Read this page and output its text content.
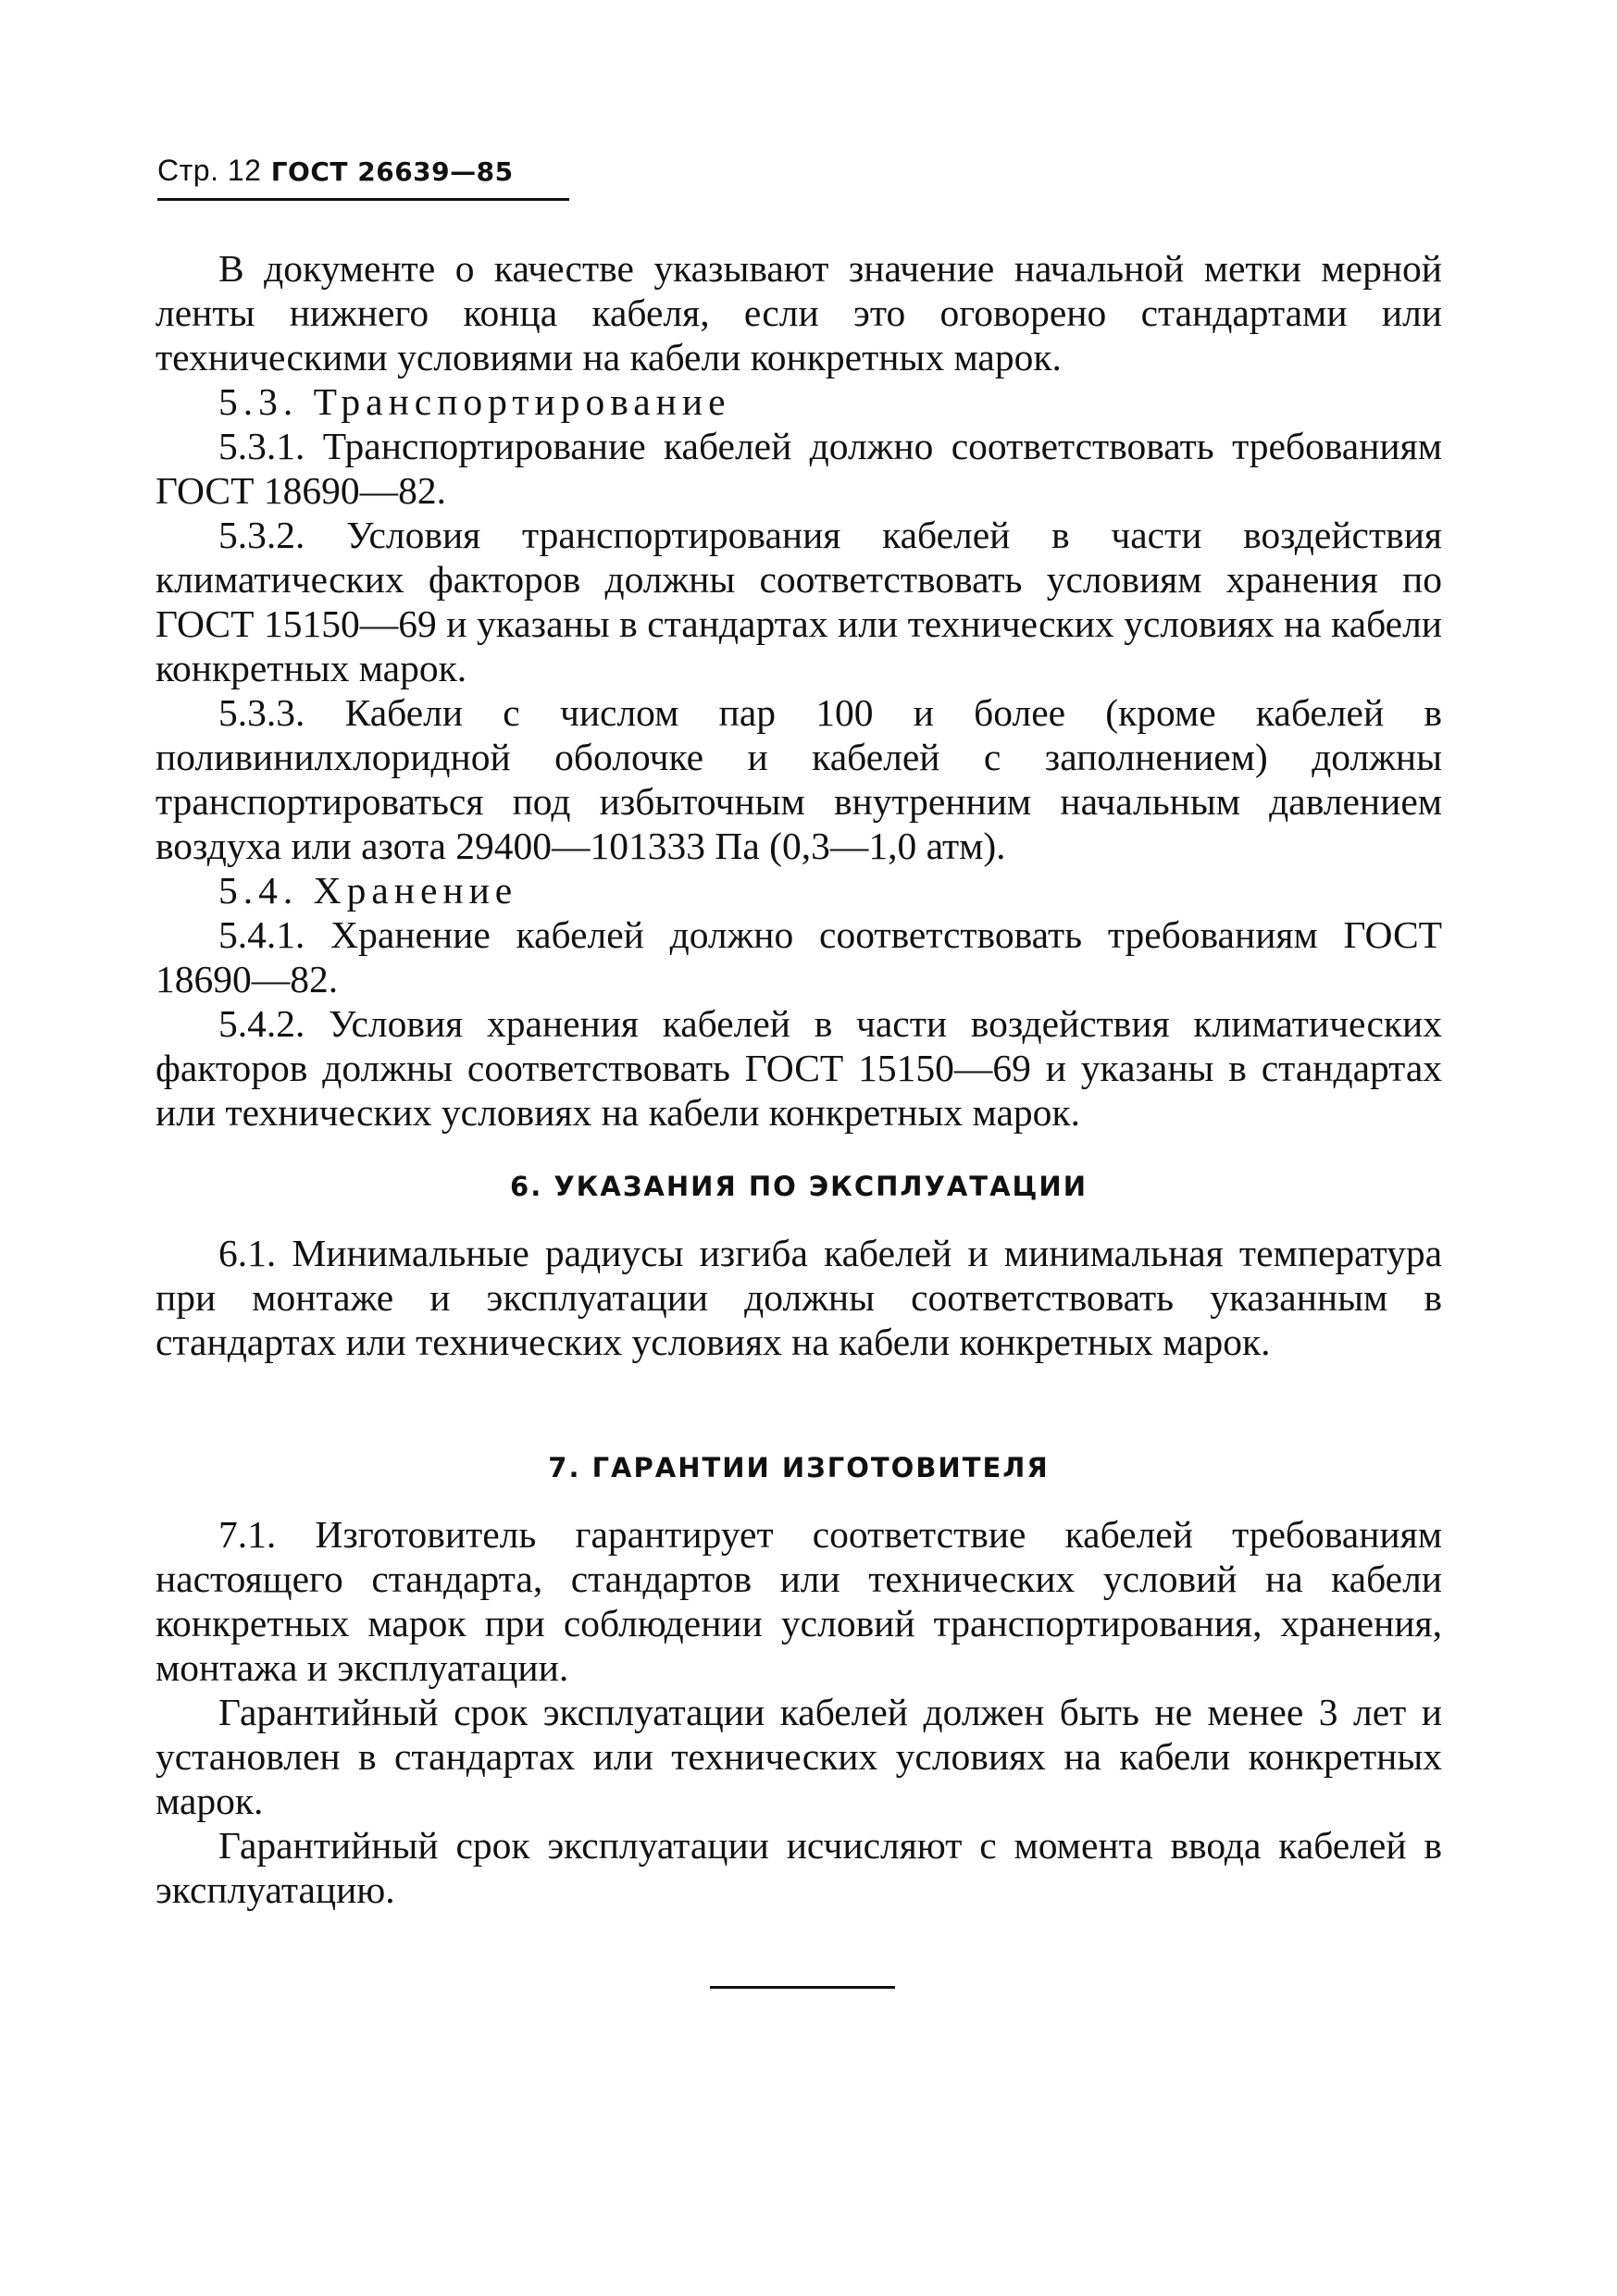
Стр. 12 ГОСТ 26639—85

В документе о качестве указывают значение начальной метки мерной ленты нижнего конца кабеля, если это оговорено стандартами или техническими условиями на кабели конкретных марок.

5.3. Транспортирование

5.3.1. Транспортирование кабелей должно соответствовать требованиям ГОСТ 18690—82.

5.3.2. Условия транспортирования кабелей в части воздействия климатических факторов должны соответствовать условиям хранения по ГОСТ 15150—69 и указаны в стандартах или технических условиях на кабели конкретных марок.

5.3.3. Кабели с числом пар 100 и более (кроме кабелей в поливинилхлоридной оболочке и кабелей с заполнением) должны транспортироваться под избыточным внутренним начальным давлением воздуха или азота 29400—101333 Па (0,3—1,0 атм).

5.4. Хранение

5.4.1. Хранение кабелей должно соответствовать требованиям ГОСТ 18690—82.

5.4.2. Условия хранения кабелей в части воздействия климатических факторов должны соответствовать ГОСТ 15150—69 и указаны в стандартах или технических условиях на кабели конкретных марок.

6. УКАЗАНИЯ ПО ЭКСПЛУАТАЦИИ

6.1. Минимальные радиусы изгиба кабелей и минимальная температура при монтаже и эксплуатации должны соответствовать указанным в стандартах или технических условиях на кабели конкретных марок.

7. ГАРАНТИИ ИЗГОТОВИТЕЛЯ

7.1. Изготовитель гарантирует соответствие кабелей требованиям настоящего стандарта, стандартов или технических условий на кабели конкретных марок при соблюдении условий транспортирования, хранения, монтажа и эксплуатации.

Гарантийный срок эксплуатации кабелей должен быть не менее 3 лет и установлен в стандартах или технических условиях на кабели конкретных марок.

Гарантийный срок эксплуатации исчисляют с момента ввода кабелей в эксплуатацию.
